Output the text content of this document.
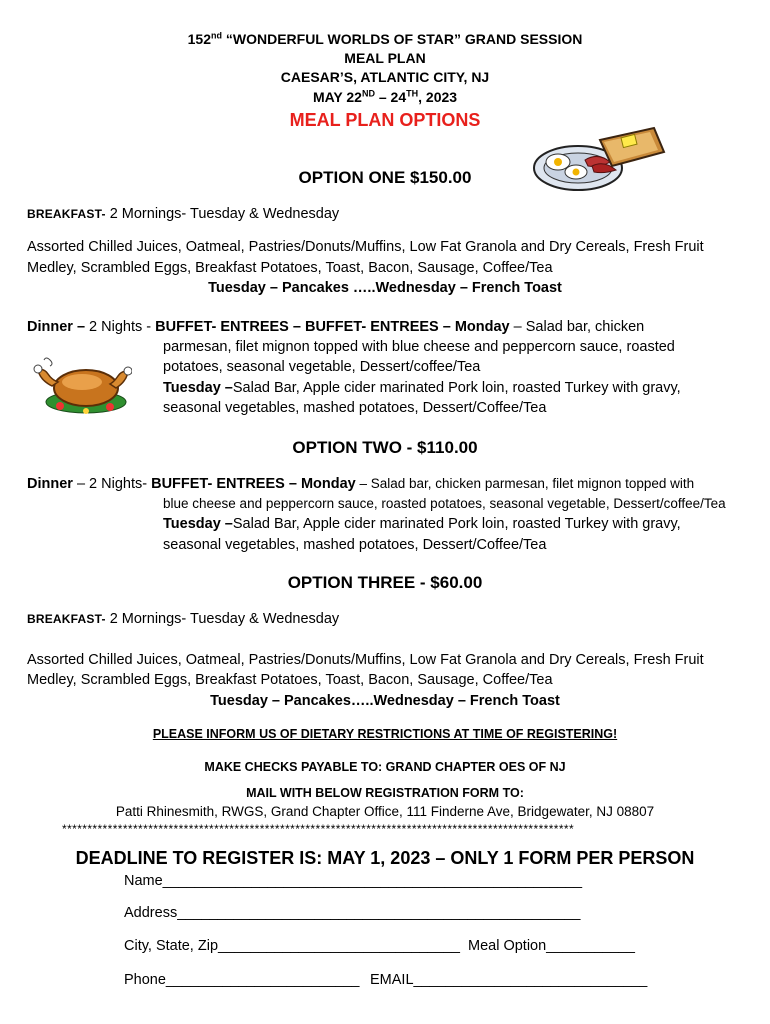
152nd “WONDERFUL WORLDS OF STAR” GRAND SESSION
MEAL PLAN
CAESAR’S, ATLANTIC CITY, NJ
MAY 22ND – 24TH, 2023
MEAL PLAN OPTIONS
OPTION ONE $150.00
BREAKFAST- 2 Mornings- Tuesday & Wednesday
Assorted Chilled Juices, Oatmeal, Pastries/Donuts/Muffins, Low Fat Granola and Dry Cereals, Fresh Fruit
Medley, Scrambled Eggs, Breakfast Potatoes, Toast, Bacon, Sausage, Coffee/Tea
Tuesday – Pancakes …..Wednesday – French Toast
Dinner – 2 Nights - BUFFET- ENTREES – BUFFET- ENTREES – Monday – Salad bar, chicken
parmesan, filet mignon topped with blue cheese and peppercorn sauce, roasted
potatoes, seasonal vegetable, Dessert/coffee/Tea
Tuesday –Salad Bar, Apple cider marinated Pork loin, roasted Turkey with gravy,
seasonal vegetables, mashed potatoes, Dessert/Coffee/Tea
OPTION TWO - $110.00
Dinner – 2 Nights- BUFFET- ENTREES – Monday – Salad bar, chicken parmesan, filet mignon topped with
blue cheese and peppercorn sauce, roasted potatoes, seasonal vegetable, Dessert/coffee/Tea
Tuesday –Salad Bar, Apple cider marinated Pork loin, roasted Turkey with gravy,
seasonal vegetables, mashed potatoes, Dessert/Coffee/Tea
OPTION THREE - $60.00
BREAKFAST- 2 Mornings- Tuesday & Wednesday
Assorted Chilled Juices, Oatmeal, Pastries/Donuts/Muffins, Low Fat Granola and Dry Cereals, Fresh Fruit
Medley, Scrambled Eggs, Breakfast Potatoes, Toast, Bacon, Sausage, Coffee/Tea
Tuesday – Pancakes…..Wednesday – French Toast
PLEASE INFORM US OF DIETARY RESTRICTIONS AT TIME OF REGISTERING!
MAKE CHECKS PAYABLE TO: GRAND CHAPTER OES OF NJ
MAIL WITH BELOW REGISTRATION FORM TO:
Patti Rhinesmith, RWGS, Grand Chapter Office, 111 Finderne Ave, Bridgewater, NJ 08807
*****************************************************************************************************
DEADLINE TO REGISTER IS: MAY 1, 2023 – ONLY 1 FORM PER PERSON
Name____________________________________________________
Address__________________________________________________
City, State, Zip______________________________ Meal Option___________
Phone________________________ EMAIL_____________________________
